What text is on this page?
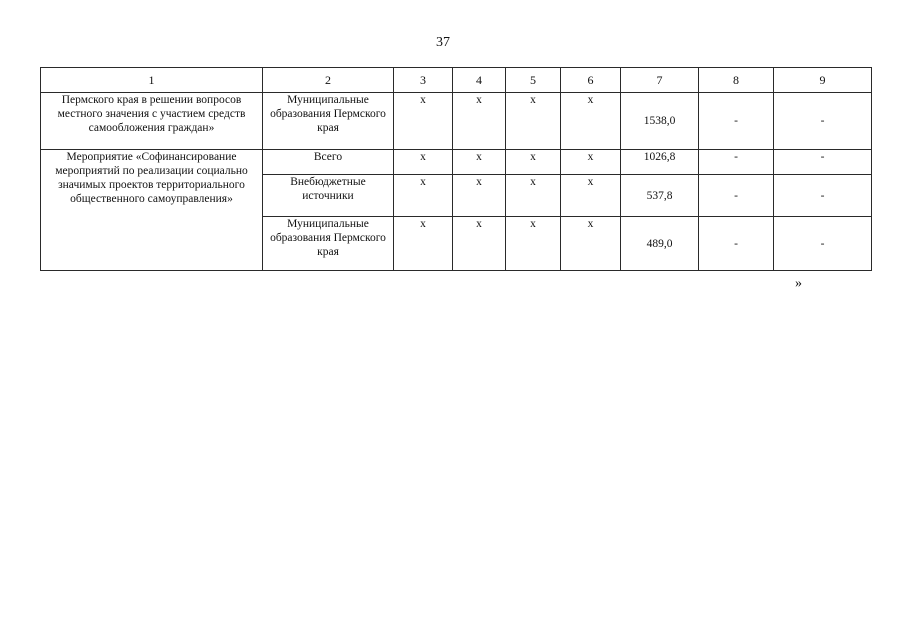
37
1	2	3	4	5	6	7	8	9
Пермского края в решении вопросов местного значения с участием средств самообложения граждан»	Муниципальные образования Пермского края	х	х	х	х	1538,0	-	-
Мероприятие «Софинансирование мероприятий по реализации социально значимых проектов территориального общественного самоуправления»	Всего	х	х	х	х	1026,8	-	-
	Внебюджетные источники	х	х	х	х	537,8	-	-
	Муниципальные образования Пермского края	х	х	х	х	489,0	-	-
»
